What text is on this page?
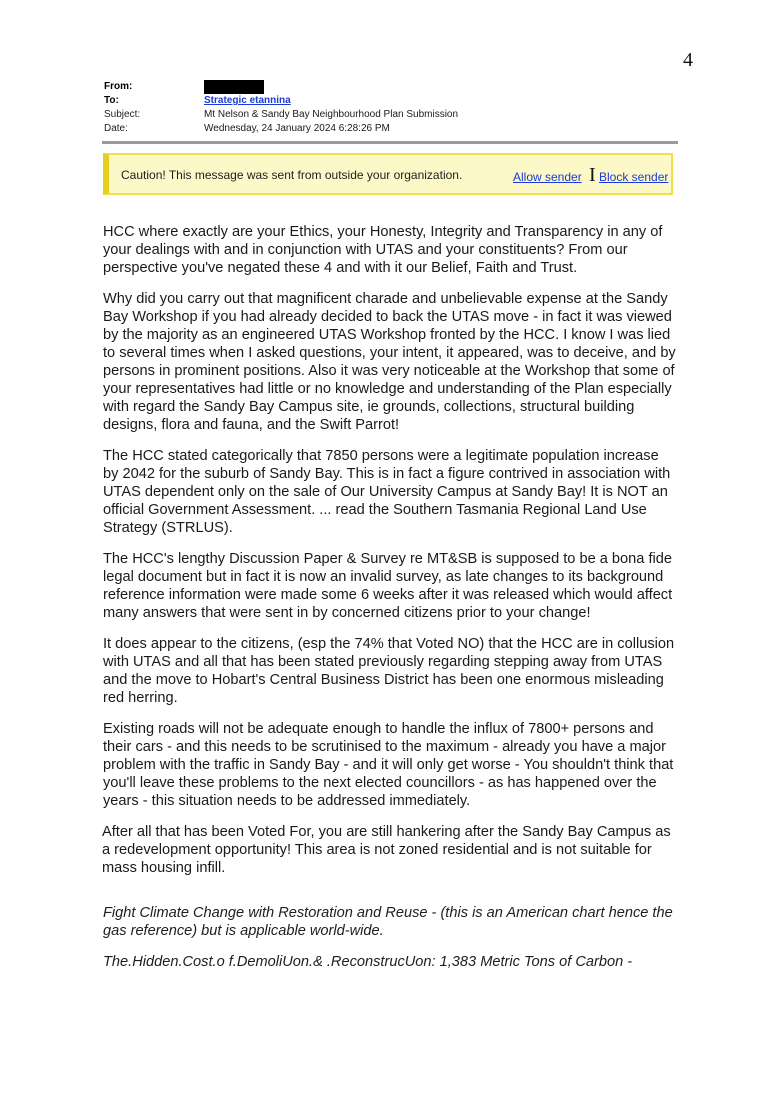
4
From:
To:	Strategic etannina
Subject:	Mt Nelson & Sandy Bay Neighbourhood Plan Submission
Date:	Wednesday, 24 January 2024 6:28:26 PM
Caution! This message was sent from outside your organization.	Allow sender I Block sender

HCC where exactly are your Ethics, your Honesty, Integrity and Transparency in any of your dealings with and in conjunction with UTAS and your constituents? From our perspective you've negated these 4 and with it our Belief, Faith and Trust.

Why did you carry out that magnificent charade and unbelievable expense at the Sandy Bay Workshop if you had already decided to back the UTAS move - in fact it was viewed by the majority as an engineered UTAS Workshop fronted by the HCC. I know I was lied to several times when I asked questions, your intent, it appeared, was to deceive, and by persons in prominent positions. Also it was very noticeable at the Workshop that some of your representatives had little or no knowledge and understanding of the Plan especially with regard the Sandy Bay Campus site, ie grounds, collections, structural building designs, flora and fauna, and the Swift Parrot!

The HCC stated categorically that 7850 persons were a legitimate population increase by 2042 for the suburb of Sandy Bay. This is in fact a figure contrived in association with UTAS dependent only on the sale of Our University Campus at Sandy Bay! It is NOT an official Government Assessment. ... read the Southern Tasmania Regional Land Use Strategy (STRLUS).

The HCC's lengthy Discussion Paper & Survey re MT&SB is supposed to be a bona fide legal document but in fact it is now an invalid survey, as late changes to its background reference information were made some 6 weeks after it was released which would affect many answers that were sent in by concerned citizens prior to your change!

It does appear to the citizens, (esp the 74% that Voted NO) that the HCC are in collusion with UTAS and all that has been stated previously regarding stepping away from UTAS and the move to Hobart's Central Business District has been one enormous misleading red herring.

Existing roads will not be adequate enough to handle the influx of 7800+ persons and their cars - and this needs to be scrutinised to the maximum - already you have a major problem with the traffic in Sandy Bay - and it will only get worse - You shouldn't think that you'll leave these problems to the next elected councillors - as has happened over the years - this situation needs to be addressed immediately.

After all that has been Voted For, you are still hankering after the Sandy Bay Campus as a redevelopment opportunity! This area is not zoned residential and is not suitable for mass housing infill.

Fight Climate Change with Restoration and Reuse - (this is an American chart hence the gas reference) but is applicable world-wide.

The.Hidden.Cost.o f.DemoliUon.& .ReconstrucUon: 1,383 Metric Tons of Carbon -
